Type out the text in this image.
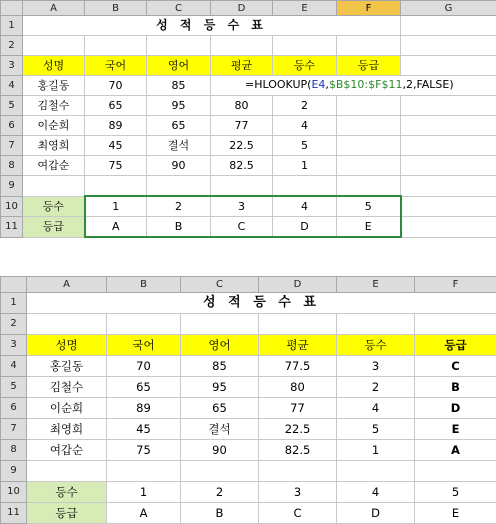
	A	B	C	D	E	F	G
1	성 적 등 수 표						
2							
3	성명	국어	영어	평균	등수	등급	
4	홍길동	70	85	=HLOOKUP(E4,$B$10:$F$11,2,FALSE)			

5	김철수	65	95	80	2		
6	이순희	89	65	77	4		
7	최영희	45	결석	22.5	5		
8	여갑순	75	90	82.5	1		
9							
10	등수	1	2	3	4	5	
11	등급	A	B	C	D	E	
	A	B	C	D	E	F
1	성 적 등 수 표					
2						
3	성명	국어	영어	평균	등수	등급
4	홍길동	70	85	77.5	3	C
5	김철수	65	95	80	2	B
6	이순희	89	65	77	4	D
7	최영희	45	결석	22.5	5	E
8	여갑순	75	90	82.5	1	A
9						
10	등수	1	2	3	4	5
11	등급	A	B	C	D	E
